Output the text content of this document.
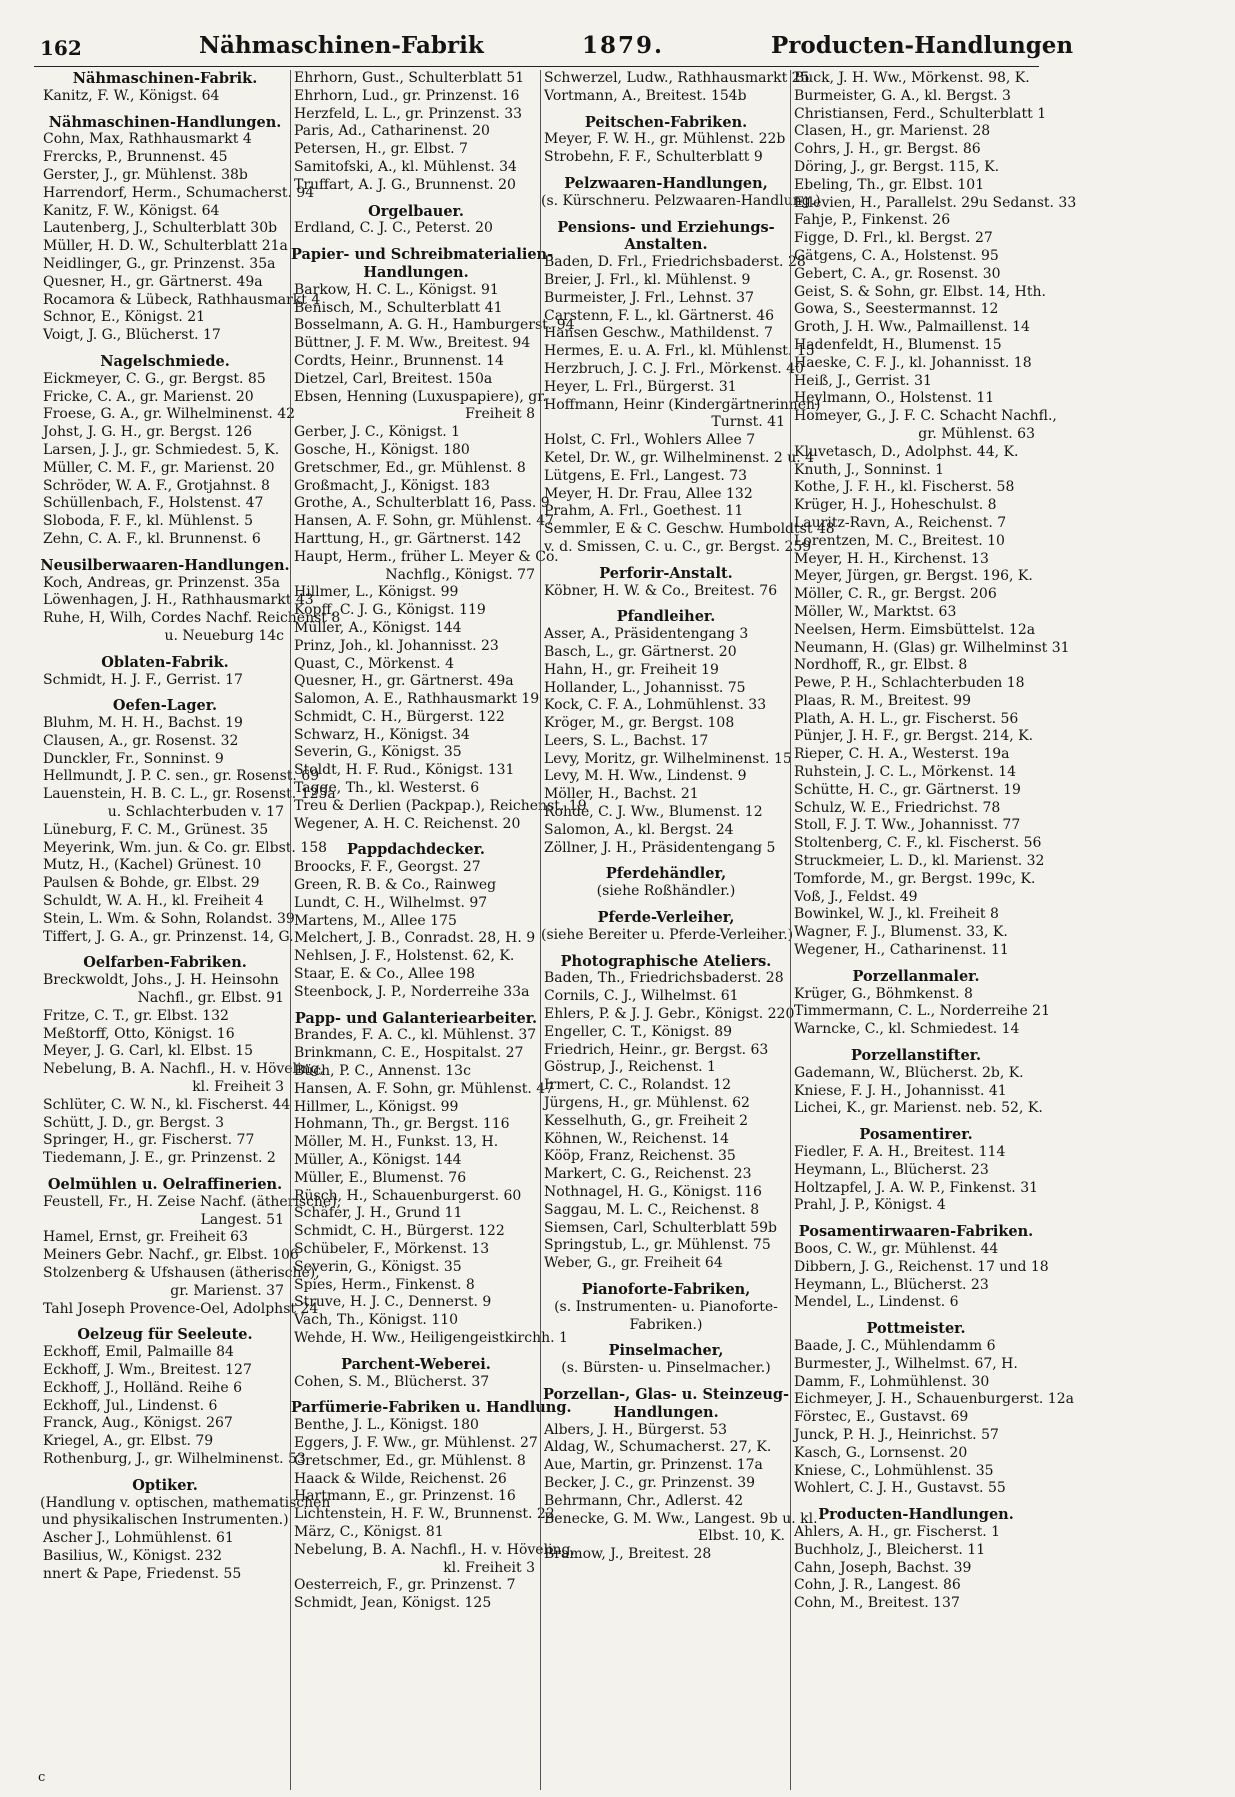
162	Nähmaschinen-Fabrik	1879.	Producten-Handlungen
Nähmaschinen-Fabrik.
Kanitz, F. W., Königst. 64
Nähmaschinen-Handlungen.
Cohn, Max, Rathhausmarkt 4
Frercks, P., Brunnenst. 45
Gerster, J., gr. Mühlenst. 38b
Harrendorf, Herm., Schumacherst. 94
Kanitz, F. W., Königst. 64
Lautenberg, J., Schulterblatt 30b
Müller, H. D. W., Schulterblatt 21a
Neidlinger, G., gr. Prinzenst. 35a
Quesner, H., gr. Gärtnerst. 49a
Rocamora & Lübeck, Rathhausmarkt 4
Schnor, E., Königst. 21
Voigt, J. G., Blücherst. 17
Nagelschmiede.
Eickmeyer, C. G., gr. Bergst. 85
Fricke, C. A., gr. Marienst. 20
Froese, G. A., gr. Wilhelminenst. 42
Johst, J. G. H., gr. Bergst. 126
Larsen, J. J., gr. Schmiedest. 5, K.
Müller, C. M. F., gr. Marienst. 20
Schröder, W. A. F., Grotjahnst. 8
Schüllenbach, F., Holstenst. 47
Sloboda, F. F., kl. Mühlenst. 5
Zehn, C. A. F., kl. Brunnenst. 6
Neusilberwaaren-Handlungen.
Koch, Andreas, gr. Prinzenst. 35a
Löwenhagen, J. H., Rathhausmarkt 43
Ruhe, H, Wilh, Cordes Nachf. Reichenst 8
u. Neueburg 14c
Oblaten-Fabrik.
Schmidt, H. J. F., Gerrist. 17
Oefen-Lager.
Bluhm, M. H. H., Bachst. 19
Clausen, A., gr. Rosenst. 32
Dunckler, Fr., Sonninst. 9
Hellmundt, J. P. C. sen., gr. Rosenst. 69
Lauenstein, H. B. C. L., gr. Rosenst. 125a
u. Schlachterbuden v. 17
Lüneburg, F. C. M., Grünest. 35
Meyerink, Wm. jun. & Co. gr. Elbst. 158
Mutz, H., (Kachel) Grünest. 10
Paulsen & Bohde, gr. Elbst. 29
Schuldt, W. A. H., kl. Freiheit 4
Stein, L. Wm. & Sohn, Rolandst. 39
Tiffert, J. G. A., gr. Prinzenst. 14, G.
Oelfarben-Fabriken.
Breckwoldt, Johs., J. H. Heinsohn
Nachfl., gr. Elbst. 91
Fritze, C. T., gr. Elbst. 132
Meßtorff, Otto, Königst. 16
Meyer, J. G. Carl, kl. Elbst. 15
Nebelung, B. A. Nachfl., H. v. Höveling,
kl. Freiheit 3
Schlüter, C. W. N., kl. Fischerst. 44
Schütt, J. D., gr. Bergst. 3
Springer, H., gr. Fischerst. 77
Tiedemann, J. E., gr. Prinzenst. 2
Oelmühlen u. Oelraffinerien.
Feustell, Fr., H. Zeise Nachf. (ätherische),
Langest. 51
Hamel, Ernst, gr. Freiheit 63
Meiners Gebr. Nachf., gr. Elbst. 106
Stolzenberg & Ufshausen (ätherische),
gr. Marienst. 37
Tahl Joseph Provence-Oel, Adolphst 24
Oelzeug für Seeleute.
Eckhoff, Emil, Palmaille 84
Eckhoff, J. Wm., Breitest. 127
Eckhoff, J., Holländ. Reihe 6
Eckhoff, Jul., Lindenst. 6
Franck, Aug., Königst. 267
Kriegel, A., gr. Elbst. 79
Rothenburg, J., gr. Wilhelminenst. 53
Optiker.
(Handlung v. optischen, mathematischen
und physikalischen Instrumenten.)
Ascher J., Lohmühlenst. 61
Basilius, W., Königst. 232
nnert & Pape, Friedenst. 55
Ehrhorn, Gust., Schulterblatt 51
Ehrhorn, Lud., gr. Prinzenst. 16
Herzfeld, L. L., gr. Prinzenst. 33
Paris, Ad., Catharinenst. 20
Petersen, H., gr. Elbst. 7
Samitofski, A., kl. Mühlenst. 34
Truffart, A. J. G., Brunnenst. 20
Orgelbauer.
Erdland, C. J. C., Peterst. 20
Papier- und Schreibmaterialien-
Handlungen.
Barkow, H. C. L., Königst. 91
Benisch, M., Schulterblatt 41
Bosselmann, A. G. H., Hamburgerst. 94
Büttner, J. F. M. Ww., Breitest. 94
Cordts, Heinr., Brunnenst. 14
Dietzel, Carl, Breitest. 150a
Ebsen, Henning (Luxuspapiere), gr.
Freiheit 8
Gerber, J. C., Königst. 1
Gosche, H., Königst. 180
Gretschmer, Ed., gr. Mühlenst. 8
Großmacht, J., Königst. 183
Grothe, A., Schulterblatt 16, Pass. 9
Hansen, A. F. Sohn, gr. Mühlenst. 47
Harttung, H., gr. Gärtnerst. 142
Haupt, Herm., früher L. Meyer & Co.
Nachflg., Königst. 77
Hillmer, L., Königst. 99
Kopff, C. J. G., Königst. 119
Müller, A., Königst. 144
Prinz, Joh., kl. Johannisst. 23
Quast, C., Mörkenst. 4
Quesner, H., gr. Gärtnerst. 49a
Salomon, A. E., Rathhausmarkt 19
Schmidt, C. H., Bürgerst. 122
Schwarz, H., Königst. 34
Severin, G., Königst. 35
Stoldt, H. F. Rud., Königst. 131
Tagge, Th., kl. Westerst. 6
Treu & Derlien (Packpap.), Reichenst. 19
Wegener, A. H. C. Reichenst. 20
Pappdachdecker.
Broocks, F. F., Georgst. 27
Green, R. B. & Co., Rainweg
Lundt, C. H., Wilhelmst. 97
Martens, M., Allee 175
Melchert, J. B., Conradst. 28, H. 9
Nehlsen, J. F., Holstenst. 62, K.
Staar, E. & Co., Allee 198
Steenbock, J. P., Norderreihe 33a
Papp- und Galanteriearbeiter.
Brandes, F. A. C., kl. Mühlenst. 37
Brinkmann, C. E., Hospitalst. 27
Büch, P. C., Annenst. 13c
Hansen, A. F. Sohn, gr. Mühlenst. 47
Hillmer, L., Königst. 99
Hohmann, Th., gr. Bergst. 116
Möller, M. H., Funkst. 13, H.
Müller, A., Königst. 144
Müller, E., Blumenst. 76
Rüsch, H., Schauenburgerst. 60
Schäfer, J. H., Grund 11
Schmidt, C. H., Bürgerst. 122
Schübeler, F., Mörkenst. 13
Severin, G., Königst. 35
Spies, Herm., Finkenst. 8
Struve, H. J. C., Dennerst. 9
Vach, Th., Königst. 110
Wehde, H. Ww., Heiligengeistkirchh. 1
Parchent-Weberei.
Cohen, S. M., Blücherst. 37
Parfümerie-Fabriken u. Handlung.
Benthe, J. L., Königst. 180
Eggers, J. F. Ww., gr. Mühlenst. 27
Gretschmer, Ed., gr. Mühlenst. 8
Haack & Wilde, Reichenst. 26
Hartmann, E., gr. Prinzenst. 16
Lichtenstein, H. F. W., Brunnenst. 22
März, C., Königst. 81
Nebelung, B. A. Nachfl., H. v. Höveling,
kl. Freiheit 3
Oesterreich, F., gr. Prinzenst. 7
Schmidt, Jean, Königst. 125
Schwerzel, Ludw., Rathhausmarkt 25
Vortmann, A., Breitest. 154b
Peitschen-Fabriken.
Meyer, F. W. H., gr. Mühlenst. 22b
Strobehn, F. F., Schulterblatt 9
Pelzwaaren-Handlungen,
(s. Kürschneru. Pelzwaaren-Handlung.)
Pensions- und Erziehungs-
Anstalten.
Baden, D. Frl., Friedrichsbaderst. 28
Breier, J. Frl., kl. Mühlenst. 9
Burmeister, J. Frl., Lehnst. 37
Carstenn, F. L., kl. Gärtnerst. 46
Hansen Geschw., Mathildenst. 7
Hermes, E. u. A. Frl., kl. Mühlenst. 15
Herzbruch, J. C. J. Frl., Mörkenst. 40
Heyer, L. Frl., Bürgerst. 31
Hoffmann, Heinr (Kindergärtnerinnen)
Turnst. 41
Holst, C. Frl., Wohlers Allee 7
Ketel, Dr. W., gr. Wilhelminenst. 2 u. 4
Lütgens, E. Frl., Langest. 73
Meyer, H. Dr. Frau, Allee 132
Prahm, A. Frl., Goethest. 11
Semmler, E & C. Geschw. Humboldtst 48
v. d. Smissen, C. u. C., gr. Bergst. 259
Perforir-Anstalt.
Köbner, H. W. & Co., Breitest. 76
Pfandleiher.
Asser, A., Präsidentengang 3
Basch, L., gr. Gärtnerst. 20
Hahn, H., gr. Freiheit 19
Hollander, L., Johannisst. 75
Kock, C. F. A., Lohmühlenst. 33
Kröger, M., gr. Bergst. 108
Leers, S. L., Bachst. 17
Levy, Moritz, gr. Wilhelminenst. 15
Levy, M. H. Ww., Lindenst. 9
Möller, H., Bachst. 21
Rohde, C. J. Ww., Blumenst. 12
Salomon, A., kl. Bergst. 24
Zöllner, J. H., Präsidentengang 5
Pferdehändler,
(siehe Roßhändler.)
Pferde-Verleiher,
(siehe Bereiter u. Pferde-Verleiher.)
Photographische Ateliers.
Baden, Th., Friedrichsbaderst. 28
Cornils, C. J., Wilhelmst. 61
Ehlers, P. & J. J. Gebr., Königst. 220
Engeller, C. T., Königst. 89
Friedrich, Heinr., gr. Bergst. 63
Göstrup, J., Reichenst. 1
Irmert, C. C., Rolandst. 12
Jürgens, H., gr. Mühlenst. 62
Kesselhuth, G., gr. Freiheit 2
Köhnen, W., Reichenst. 14
Kööp, Franz, Reichenst. 35
Markert, C. G., Reichenst. 23
Nothnagel, H. G., Königst. 116
Saggau, M. L. C., Reichenst. 8
Siemsen, Carl, Schulterblatt 59b
Springstub, L., gr. Mühlenst. 75
Weber, G., gr. Freiheit 64
Pianoforte-Fabriken,
(s. Instrumenten- u. Pianoforte-
Fabriken.)
Pinselmacher,
(s. Bürsten- u. Pinselmacher.)
Porzellan-, Glas- u. Steinzeug-
Handlungen.
Albers, J. H., Bürgerst. 53
Aldag, W., Schumacherst. 27, K.
Aue, Martin, gr. Prinzenst. 17a
Becker, J. C., gr. Prinzenst. 39
Behrmann, Chr., Adlerst. 42
Benecke, G. M. Ww., Langest. 9b u. kl.
Elbst. 10, K.
Bramow, J., Breitest. 28
Buck, J. H. Ww., Mörkenst. 98, K.
Burmeister, G. A., kl. Bergst. 3
Christiansen, Ferd., Schulterblatt 1
Clasen, H., gr. Marienst. 28
Cohrs, J. H., gr. Bergst. 86
Döring, J., gr. Bergst. 115, K.
Ebeling, Th., gr. Elbst. 101
Ellevien, H., Parallelst. 29u Sedanst. 33
Fahje, P., Finkenst. 26
Figge, D. Frl., kl. Bergst. 27
Gätgens, C. A., Holstenst. 95
Gebert, C. A., gr. Rosenst. 30
Geist, S. & Sohn, gr. Elbst. 14, Hth.
Gowa, S., Seestermannst. 12
Groth, J. H. Ww., Palmaillenst. 14
Hadenfeldt, H., Blumenst. 15
Haeske, C. F. J., kl. Johannisst. 18
Heiß, J., Gerrist. 31
Heylmann, O., Holstenst. 11
Homeyer, G., J. F. C. Schacht Nachfl.,
gr. Mühlenst. 63
Kluvetasch, D., Adolphst. 44, K.
Knuth, J., Sonninst. 1
Kothe, J. F. H., kl. Fischerst. 58
Krüger, H. J., Hoheschulst. 8
Lauritz-Ravn, A., Reichenst. 7
Lorentzen, M. C., Breitest. 10
Meyer, H. H., Kirchenst. 13
Meyer, Jürgen, gr. Bergst. 196, K.
Möller, C. R., gr. Bergst. 206
Möller, W., Marktst. 63
Neelsen, Herm. Eimsbüttelst. 12a
Neumann, H. (Glas) gr. Wilhelminst 31
Nordhoff, R., gr. Elbst. 8
Pewe, P. H., Schlachterbuden 18
Plaas, R. M., Breitest. 99
Plath, A. H. L., gr. Fischerst. 56
Pünjer, J. H. F., gr. Bergst. 214, K.
Rieper, C. H. A., Westerst. 19a
Ruhstein, J. C. L., Mörkenst. 14
Schütte, H. C., gr. Gärtnerst. 19
Schulz, W. E., Friedrichst. 78
Stoll, F. J. T. Ww., Johannisst. 77
Stoltenberg, C. F., kl. Fischerst. 56
Struckmeier, L. D., kl. Marienst. 32
Tomforde, M., gr. Bergst. 199c, K.
Voß, J., Feldst. 49
Bowinkel, W. J., kl. Freiheit 8
Wagner, F. J., Blumenst. 33, K.
Wegener, H., Catharinenst. 11
Porzellanmaler.
Krüger, G., Böhmkenst. 8
Timmermann, C. L., Norderreihe 21
Warncke, C., kl. Schmiedest. 14
Porzellanstifter.
Gademann, W., Blücherst. 2b, K.
Kniese, F. J. H., Johannisst. 41
Lichei, K., gr. Marienst. neb. 52, K.
Posamentirer.
Fiedler, F. A. H., Breitest. 114
Heymann, L., Blücherst. 23
Holtzapfel, J. A. W. P., Finkenst. 31
Prahl, J. P., Königst. 4
Posamentirwaaren-Fabriken.
Boos, C. W., gr. Mühlenst. 44
Dibbern, J. G., Reichenst. 17 und 18
Heymann, L., Blücherst. 23
Mendel, L., Lindenst. 6
Pottmeister.
Baade, J. C., Mühlendamm 6
Burmester, J., Wilhelmst. 67, H.
Damm, F., Lohmühlenst. 30
Eichmeyer, J. H., Schauenburgerst. 12a
Förstec, E., Gustavst. 69
Junck, P. H. J., Heinrichst. 57
Kasch, G., Lornsenst. 20
Kniese, C., Lohmühlenst. 35
Wohlert, C. J. H., Gustavst. 55
Producten-Handlungen.
Ahlers, A. H., gr. Fischerst. 1
Buchholz, J., Bleicherst. 11
Cahn, Joseph, Bachst. 39
Cohn, J. R., Langest. 86
Cohn, M., Breitest. 137
c
